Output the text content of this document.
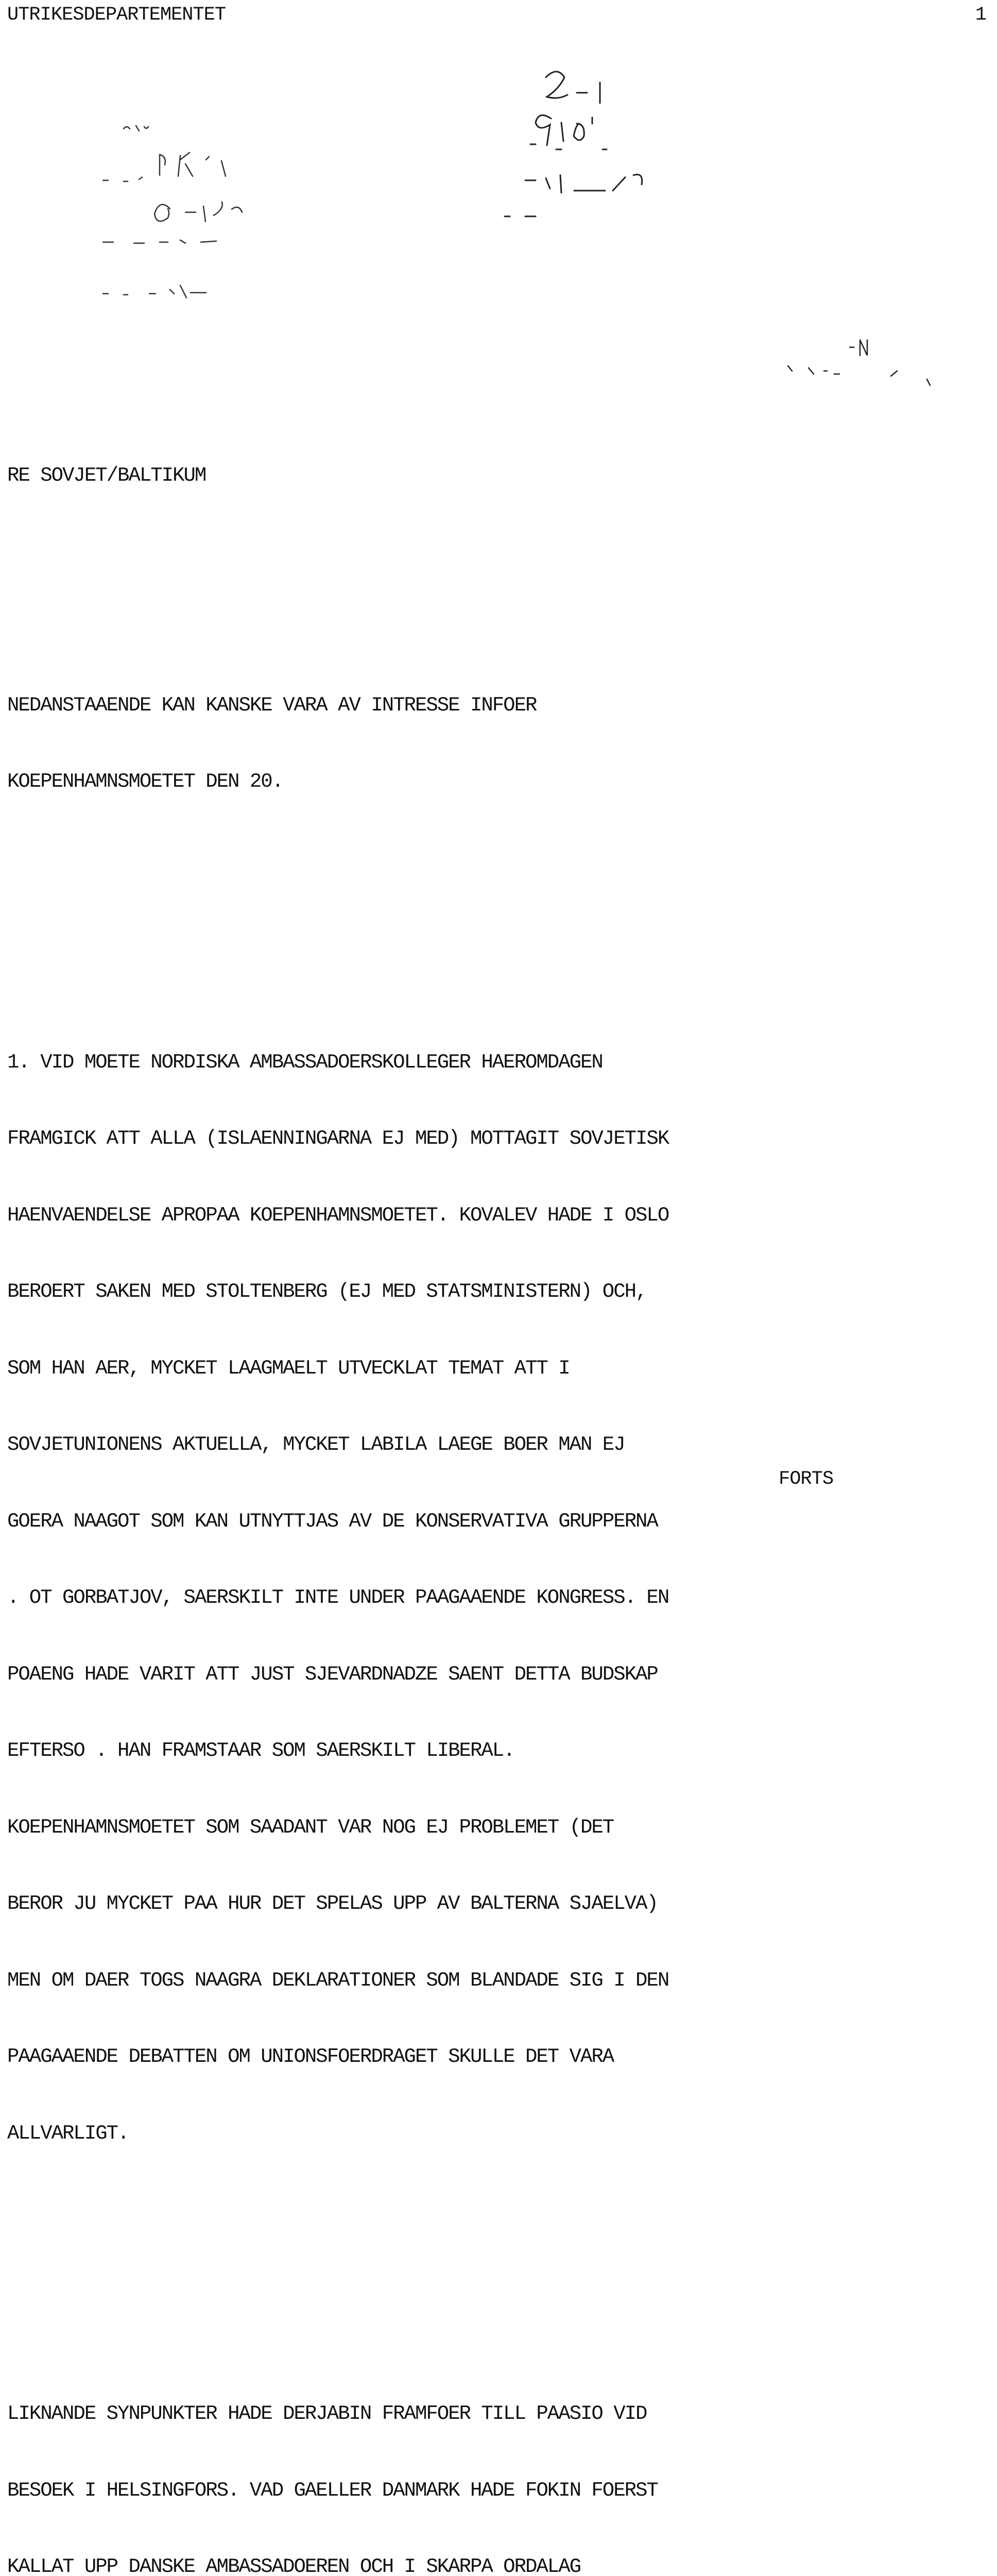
UTRIKESDEPARTEMENTET	1

RE SOVJET/BALTIKUM

NEDANSTAAENDE KAN KANSKE VARA AV INTRESSE INFOER

KOEPENHAMNSMOETET DEN 20.

1. VID MOETE NORDISKA AMBASSADOERSKOLLEGER HAEROMDAGEN

FRAMGICK ATT ALLA (ISLAENNINGARNA EJ MED) MOTTAGIT SOVJETISK

HAENVAENDELSE APROPAA KOEPENHAMNSMOETET. KOVALEV HADE I OSLO

BEROERT SAKEN MED STOLTENBERG (EJ MED STATSMINISTERN) OCH,

SOM HAN AER, MYCKET LAAGMAELT UTVECKLAT TEMAT ATT I

SOVJETUNIONENS AKTUELLA, MYCKET LABILA LAEGE BOER MAN EJ

GOERA NAAGOT SOM KAN UTNYTTJAS AV DE KONSERVATIVA GRUPPERNA

. OT GORBATJOV, SAERSKILT INTE UNDER PAAGAAENDE KONGRESS. EN

POAENG HADE VARIT ATT JUST SJEVARDNADZE SAENT DETTA BUDSKAP

EFTERSO . HAN FRAMSTAAR SOM SAERSKILT LIBERAL.

KOEPENHAMNSMOETET SOM SAADANT VAR NOG EJ PROBLEMET (DET

BEROR JU MYCKET PAA HUR DET SPELAS UPP AV BALTERNA SJAELVA)

MEN OM DAER TOGS NAAGRA DEKLARATIONER SOM BLANDADE SIG I DEN

PAAGAAENDE DEBATTEN OM UNIONSFOERDRAGET SKULLE DET VARA

ALLVARLIGT.

LIKNANDE SYNPUNKTER HADE DERJABIN FRAMFOER TILL PAASIO VID

BESOEK I HELSINGFORS. VAD GAELLER DANMARK HADE FOKIN FOERST

KALLAT UPP DANSKE AMBASSADOEREN OCH I SKARPA ORDALAG

FORTS
